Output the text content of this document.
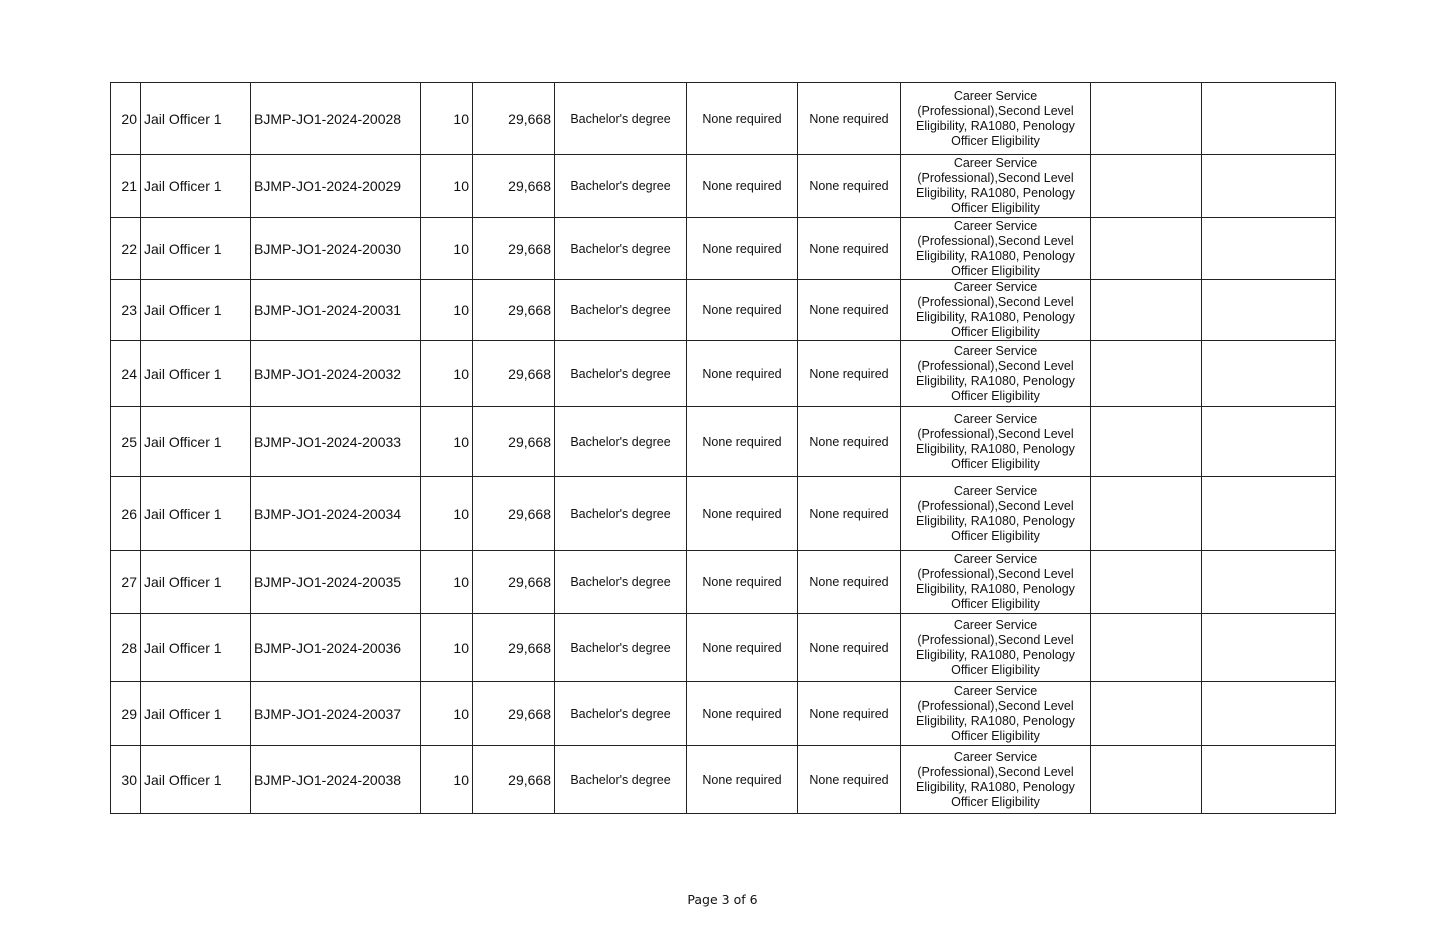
20	Jail Officer 1	BJMP-JO1-2024-20028	10	29,668	Bachelor's degree	None required	None required	Career Service
(Professional),Second Level
Eligibility, RA1080, Penology
Officer Eligibility		

21	Jail Officer 1	BJMP-JO1-2024-20029	10	29,668	Bachelor's degree	None required	None required	Career Service
(Professional),Second Level
Eligibility, RA1080, Penology
Officer Eligibility		

22	Jail Officer 1	BJMP-JO1-2024-20030	10	29,668	Bachelor's degree	None required	None required	Career Service
(Professional),Second Level
Eligibility, RA1080, Penology
Officer Eligibility		

23	Jail Officer 1	BJMP-JO1-2024-20031	10	29,668	Bachelor's degree	None required	None required	Career Service
(Professional),Second Level
Eligibility, RA1080, Penology
Officer Eligibility		

24	Jail Officer 1	BJMP-JO1-2024-20032	10	29,668	Bachelor's degree	None required	None required	Career Service
(Professional),Second Level
Eligibility, RA1080, Penology
Officer Eligibility		

25	Jail Officer 1	BJMP-JO1-2024-20033	10	29,668	Bachelor's degree	None required	None required	Career Service
(Professional),Second Level
Eligibility, RA1080, Penology
Officer Eligibility		

26	Jail Officer 1	BJMP-JO1-2024-20034	10	29,668	Bachelor's degree	None required	None required	Career Service
(Professional),Second Level
Eligibility, RA1080, Penology
Officer Eligibility		

27	Jail Officer 1	BJMP-JO1-2024-20035	10	29,668	Bachelor's degree	None required	None required	Career Service
(Professional),Second Level
Eligibility, RA1080, Penology
Officer Eligibility		

28	Jail Officer 1	BJMP-JO1-2024-20036	10	29,668	Bachelor's degree	None required	None required	Career Service
(Professional),Second Level
Eligibility, RA1080, Penology
Officer Eligibility		

29	Jail Officer 1	BJMP-JO1-2024-20037	10	29,668	Bachelor's degree	None required	None required	Career Service
(Professional),Second Level
Eligibility, RA1080, Penology
Officer Eligibility		

30	Jail Officer 1	BJMP-JO1-2024-20038	10	29,668	Bachelor's degree	None required	None required	Career Service
(Professional),Second Level
Eligibility, RA1080, Penology
Officer Eligibility		

Page 3 of 6
